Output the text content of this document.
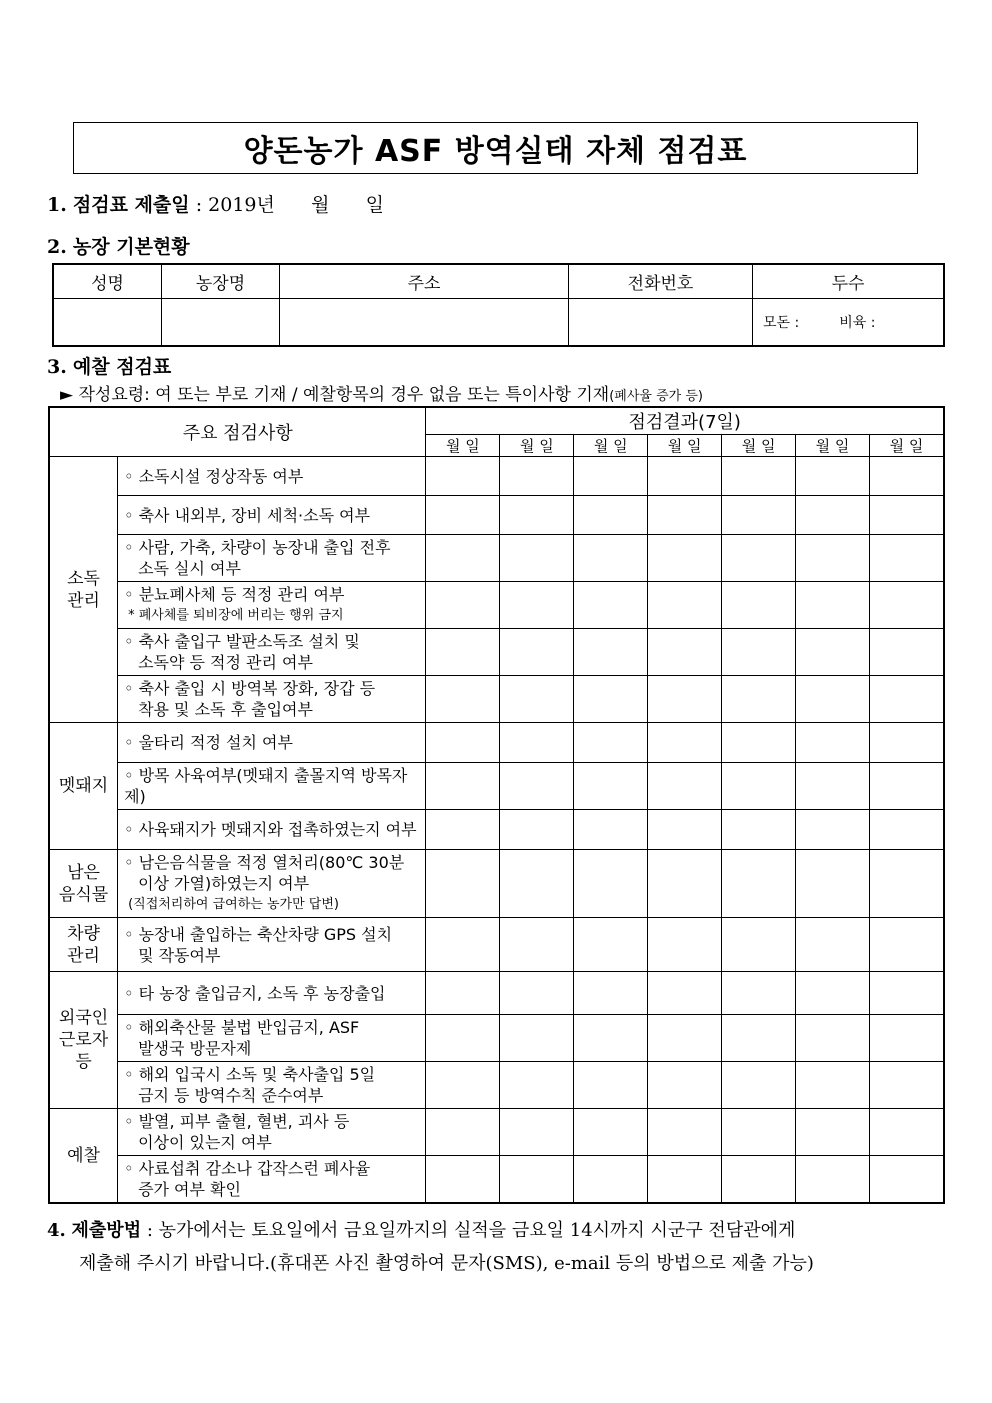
양돈농가 ASF 방역실태 자체 점검표
1. 점검표 제출일 : 2019년      월      일
2. 농장 기본현황
성명	농장명	주소	전화번호	두수
				모돈 : 비육 :
3. 예찰 점검표
► 작성요령: 여 또는 부로 기재 / 예찰항목의 경우 없음 또는 특이사항 기재(폐사율 증가 등)
주요 점검사항		점검결과(7일)						
		월 일	월 일	월 일	월 일	월 일	월 일	월 일
소독
관리	◦ 소독시설 정상작동 여부							
	◦ 축사 내외부, 장비 세척·소독 여부							
	◦ 사람, 가축, 차량이 농장내 출입 전후
소독 실시 여부							

	◦ 분뇨폐사체 등 적정 관리 여부
* 폐사체를 퇴비장에 버리는 행위 금지							

	◦ 축사 출입구 발판소독조 설치 및
소독약 등 적정 관리 여부							

	◦ 축사 출입 시 방역복 장화, 장갑 등
착용 및 소독 후 출입여부							

멧돼지	◦ 울타리 적정 설치 여부							
	◦ 방목 사육여부(멧돼지 출몰지역 방목자제)							
	◦ 사육돼지가 멧돼지와 접촉하였는지 여부							
남은
음식물	◦ 남은음식물을 적정 열처리(80℃ 30분
이상 가열)하였는지 여부
(직접처리하여 급여하는 농가만 답변)							

차량
관리	◦ 농장내 출입하는 축산차량 GPS 설치
및 작동여부							

외국인
근로자
등	◦ 타 농장 출입금지, 소독 후 농장출입							
	◦ 해외축산물 불법 반입금지, ASF
발생국 방문자제							

	◦ 해외 입국시 소독 및 축사출입 5일
금지 등 방역수칙 준수여부							

예찰	◦ 발열, 피부 출혈, 혈변, 괴사 등
이상이 있는지 여부							

	◦ 사료섭취 감소나 갑작스런 폐사율
증가 여부 확인							

4. 제출방법 : 농가에서는 토요일에서 금요일까지의 실적을 금요일 14시까지 시군구 전담관에게
제출해 주시기 바랍니다.(휴대폰 사진 촬영하여 문자(SMS), e-mail 등의 방법으로 제출 가능)
